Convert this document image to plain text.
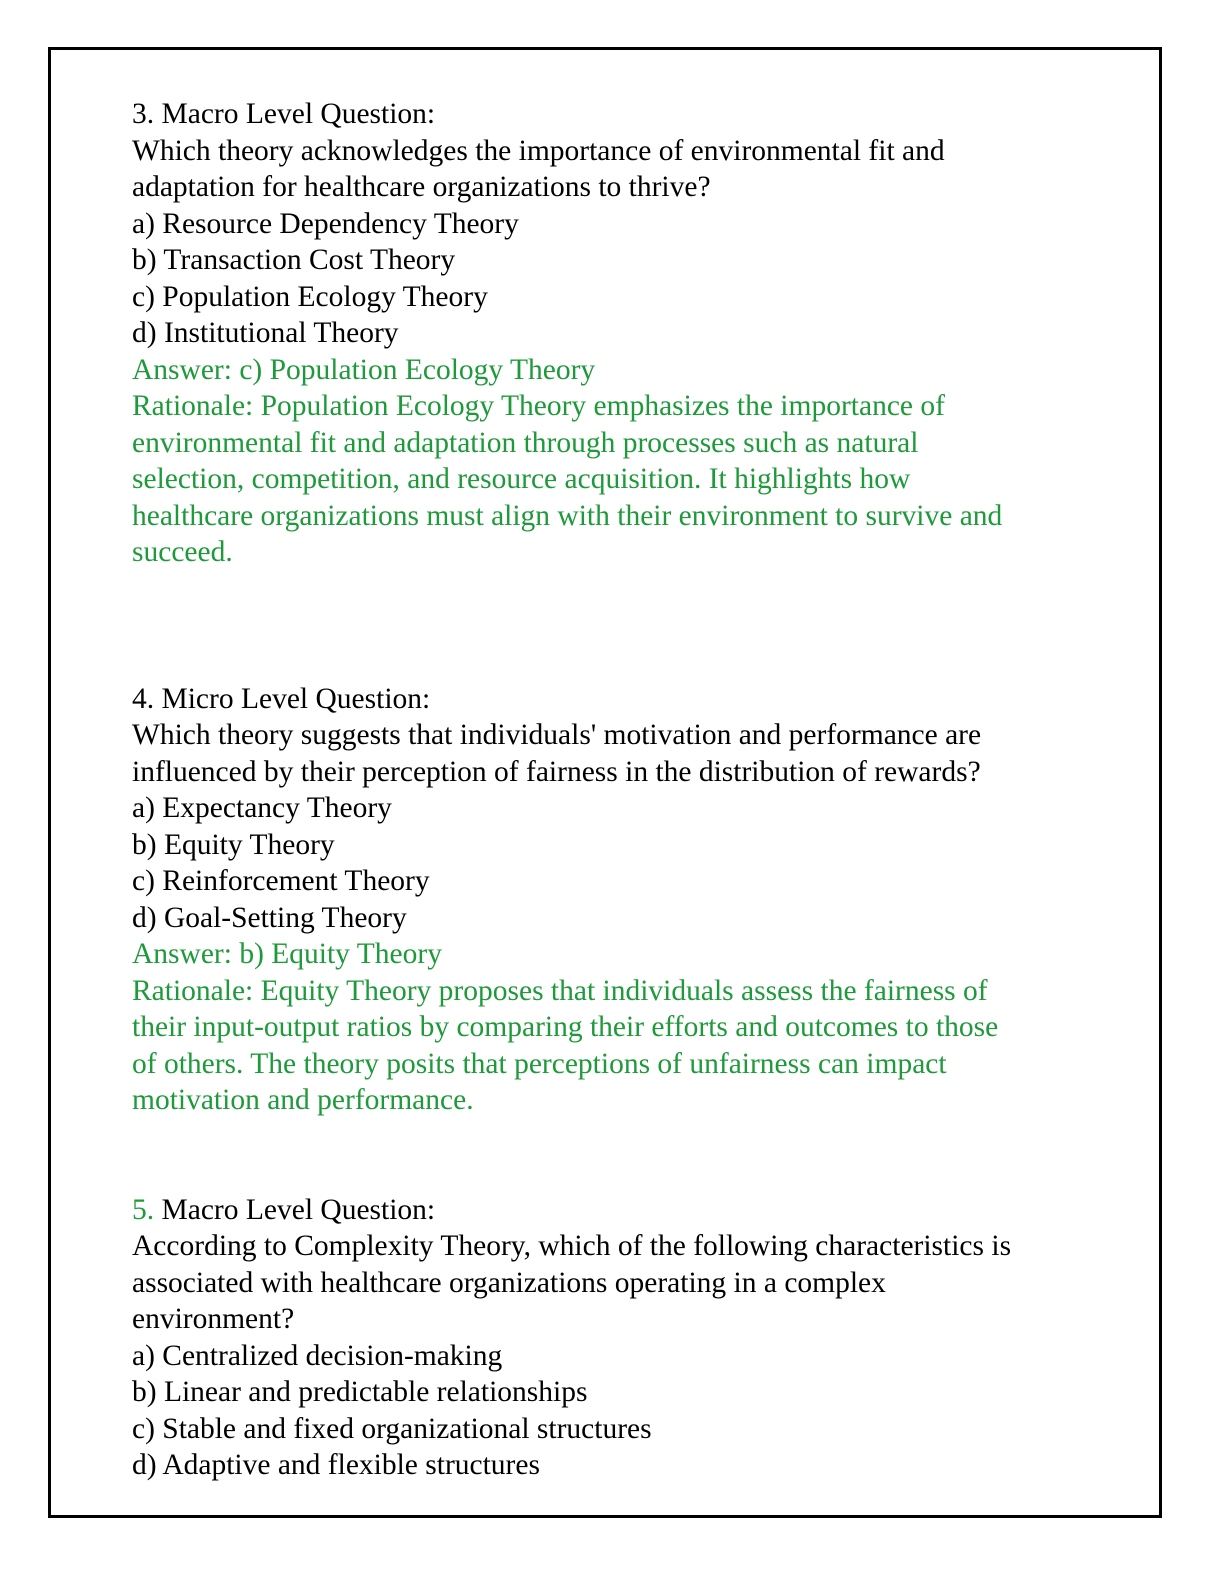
3. Macro Level Question:

Which theory acknowledges the importance of environmental fit and

adaptation for healthcare organizations to thrive?

a) Resource Dependency Theory

b) Transaction Cost Theory

c) Population Ecology Theory

d) Institutional Theory

Answer: c) Population Ecology Theory

Rationale: Population Ecology Theory emphasizes the importance of

environmental fit and adaptation through processes such as natural

selection, competition, and resource acquisition. It highlights how

healthcare organizations must align with their environment to survive and

succeed.

4. Micro Level Question:

Which theory suggests that individuals' motivation and performance are

influenced by their perception of fairness in the distribution of rewards?

a) Expectancy Theory

b) Equity Theory

c) Reinforcement Theory

d) Goal-Setting Theory

Answer: b) Equity Theory

Rationale: Equity Theory proposes that individuals assess the fairness of

their input-output ratios by comparing their efforts and outcomes to those

of others. The theory posits that perceptions of unfairness can impact

motivation and performance.

5. Macro Level Question:

According to Complexity Theory, which of the following characteristics is

associated with healthcare organizations operating in a complex

environment?

a) Centralized decision-making

b) Linear and predictable relationships

c) Stable and fixed organizational structures

d) Adaptive and flexible structures
